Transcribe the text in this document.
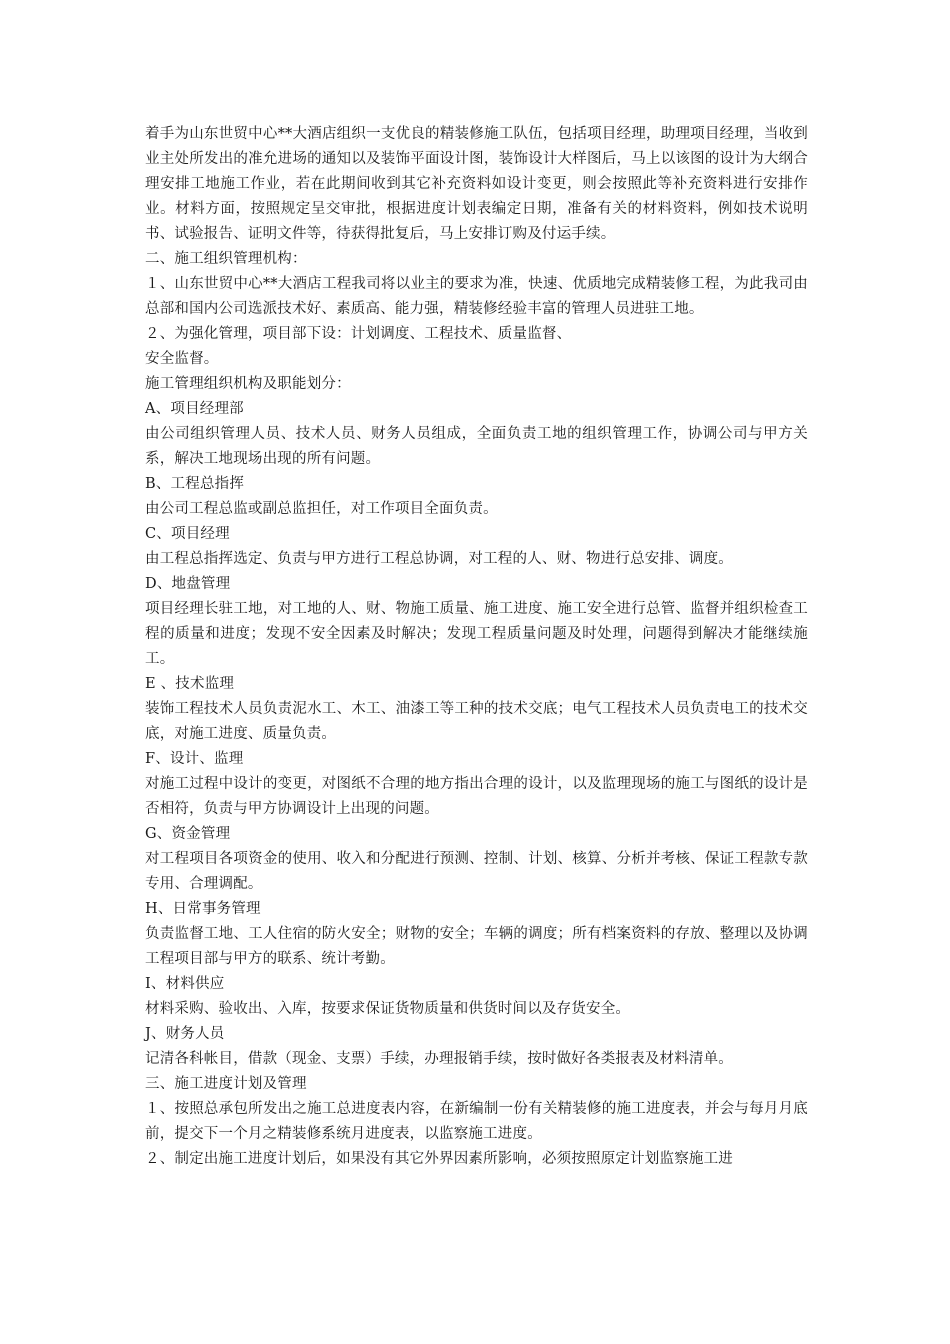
着手为山东世贸中心**大酒店组织一支优良的精装修施工队伍，包括项目经理，助理项目经理，当收到业主处所发出的准允进场的通知以及装饰平面设计图，装饰设计大样图后，马上以该图的设计为大纲合理安排工地施工作业，若在此期间收到其它补充资料如设计变更，则会按照此等补充资料进行安排作业。材料方面，按照规定呈交审批，根据进度计划表编定日期，准备有关的材料资料，例如技术说明书、试验报告、证明文件等，待获得批复后，马上安排订购及付运手续。

二、施工组织管理机构：

１、山东世贸中心**大酒店工程我司将以业主的要求为准，快速、优质地完成精装修工程，为此我司由总部和国内公司选派技术好、素质高、能力强，精装修经验丰富的管理人员进驻工地。

２、为强化管理，项目部下设：计划调度、工程技术、质量监督、

安全监督。

施工管理组织机构及职能划分：

A、项目经理部

由公司组织管理人员、技术人员、财务人员组成，全面负责工地的组织管理工作，协调公司与甲方关系，解决工地现场出现的所有问题。

B、工程总指挥

由公司工程总监或副总监担任，对工作项目全面负责。

C、项目经理

由工程总指挥选定、负责与甲方进行工程总协调，对工程的人、财、物进行总安排、调度。

D、地盘管理

项目经理长驻工地，对工地的人、财、物施工质量、施工进度、施工安全进行总管、监督并组织检查工程的质量和进度；发现不安全因素及时解决；发现工程质量问题及时处理，问题得到解决才能继续施工。

E 、技术监理

装饰工程技术人员负责泥水工、木工、油漆工等工种的技术交底；电气工程技术人员负责电工的技术交底，对施工进度、质量负责。

F、设计、监理

对施工过程中设计的变更，对图纸不合理的地方指出合理的设计，以及监理现场的施工与图纸的设计是否相符，负责与甲方协调设计上出现的问题。

G、资金管理

对工程项目各项资金的使用、收入和分配进行预测、控制、计划、核算、分析并考核、保证工程款专款专用、合理调配。

H、日常事务管理

负责监督工地、工人住宿的防火安全；财物的安全；车辆的调度；所有档案资料的存放、整理以及协调工程项目部与甲方的联系、统计考勤。

I、材料供应

材料采购、验收出、入库，按要求保证货物质量和供货时间以及存货安全。

J、财务人员

记清各科帐目，借款（现金、支票）手续，办理报销手续，按时做好各类报表及材料清单。

三、施工进度计划及管理

１、按照总承包所发出之施工总进度表内容，在新编制一份有关精装修的施工进度表，并会与每月月底前，提交下一个月之精装修系统月进度表，以监察施工进度。

２、制定出施工进度计划后，如果没有其它外界因素所影响，必须按照原定计划监察施工进
